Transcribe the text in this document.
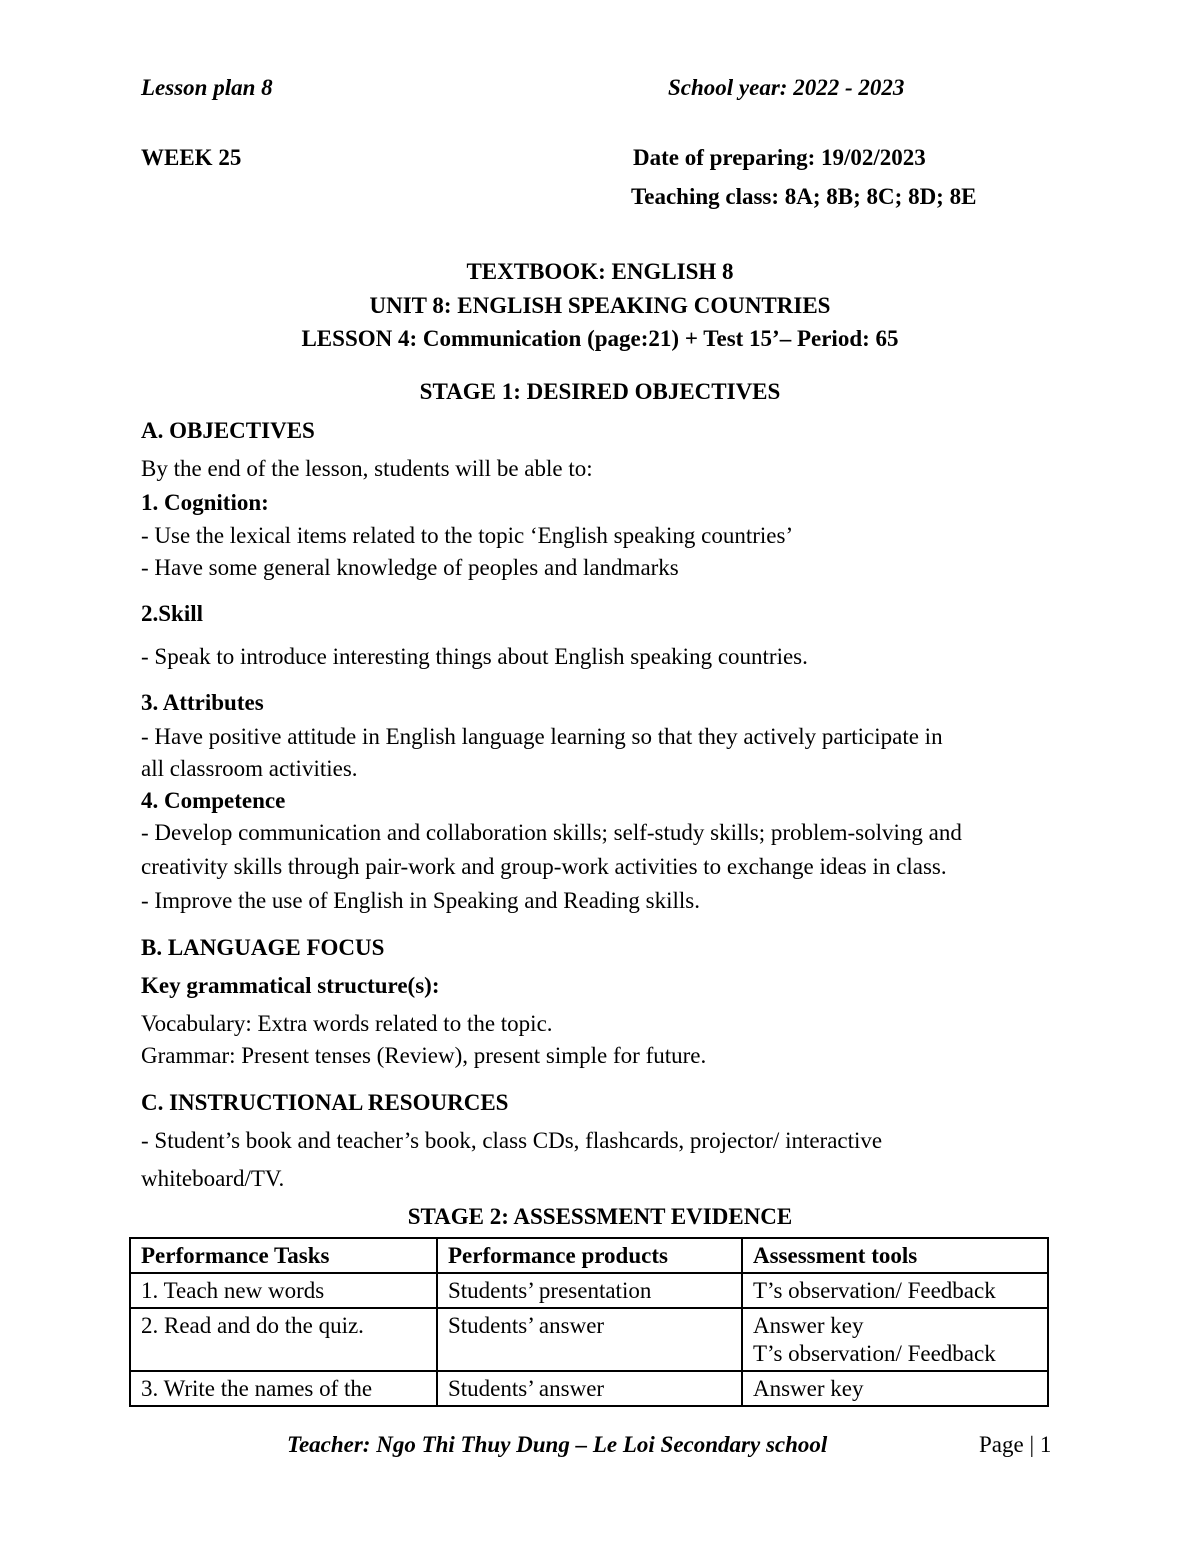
Lesson plan 8	School year: 2022 - 2023
WEEK 25	Date of preparing: 19/02/2023
Teaching class: 8A; 8B; 8C; 8D; 8E
TEXTBOOK: ENGLISH 8
UNIT 8: ENGLISH SPEAKING COUNTRIES
LESSON 4: Communication (page:21) + Test 15’– Period: 65
STAGE 1: DESIRED OBJECTIVES
A. OBJECTIVES
By the end of the lesson, students will be able to:
1. Cognition:
- Use the lexical items related to the topic ‘English speaking countries’
- Have some general knowledge of peoples and landmarks
2.Skill
- Speak to introduce interesting things about English speaking countries.
3. Attributes
- Have positive attitude in English language learning so that they actively participate in
all classroom activities.
4. Competence
- Develop communication and collaboration skills; self-study skills; problem-solving and
creativity skills through pair-work and group-work activities to exchange ideas in class.
- Improve the use of English in Speaking and Reading skills.
B. LANGUAGE FOCUS
Key grammatical structure(s):
Vocabulary: Extra words related to the topic.
Grammar: Present tenses (Review), present simple for future.
C. INSTRUCTIONAL RESOURCES
- Student’s book and teacher’s book, class CDs, flashcards, projector/ interactive
whiteboard/TV.
STAGE 2: ASSESSMENT EVIDENCE
Performance Tasks	Performance products	Assessment tools
1. Teach new words	Students’ presentation	T’s observation/ Feedback
2. Read and do the quiz.	Students’ answer	Answer key
T’s observation/ Feedback

3. Write the names of the	Students’ answer	Answer key
Teacher: Ngo Thi Thuy Dung – Le Loi Secondary school	Page | 1
